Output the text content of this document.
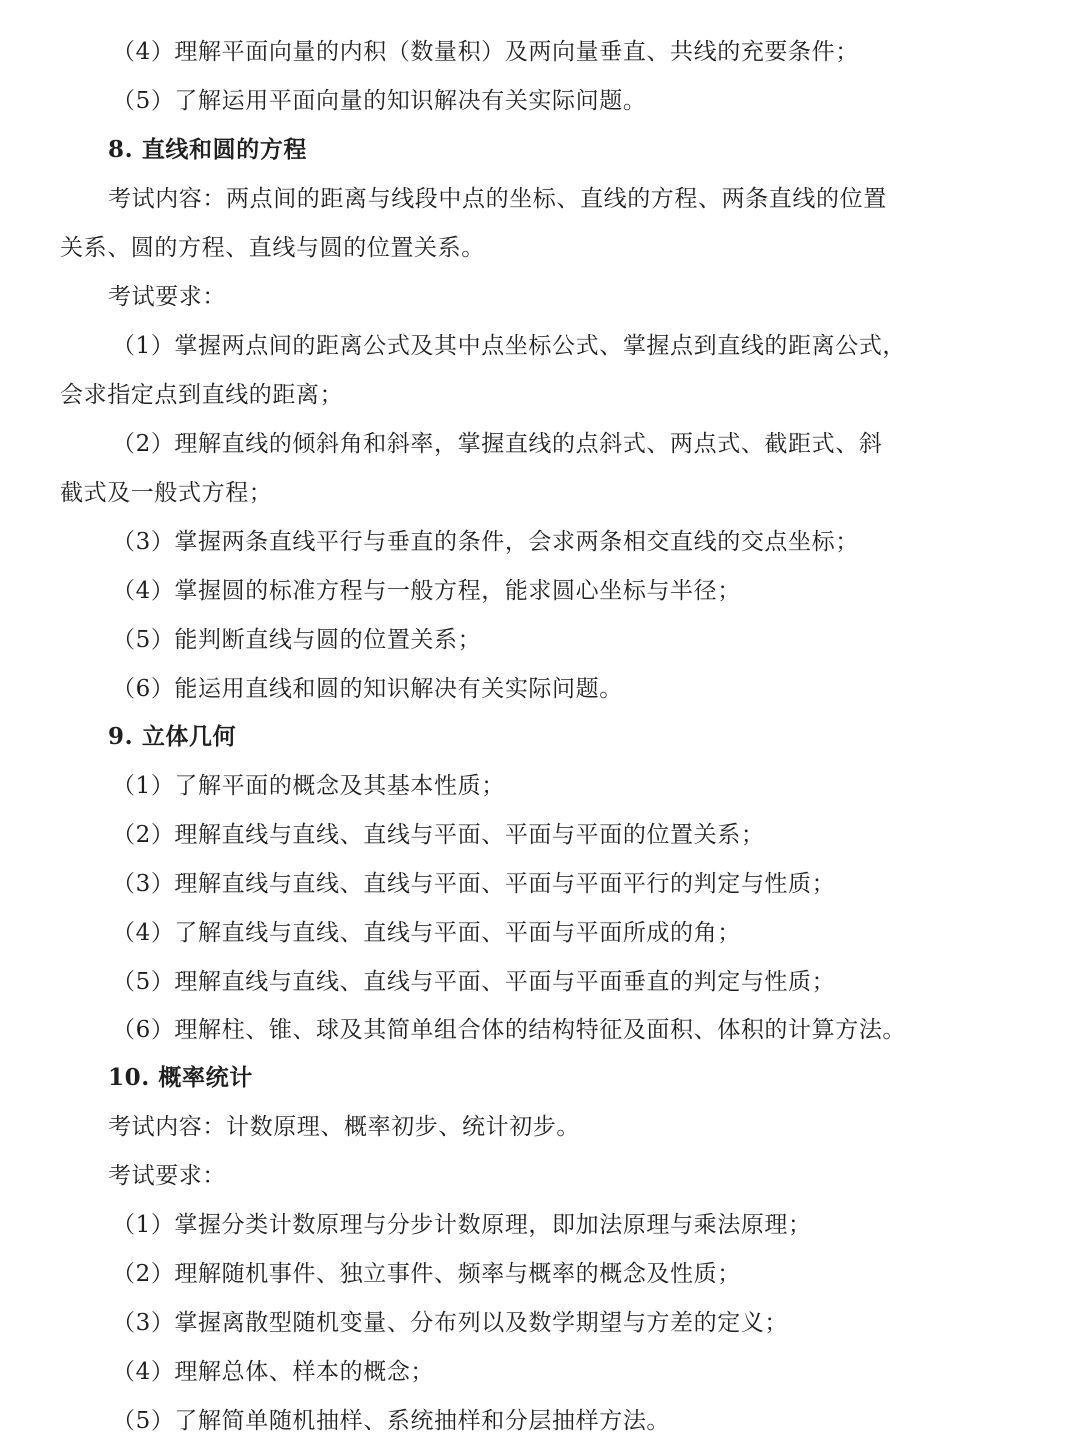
（4）理解平面向量的内积（数量积）及两向量垂直、共线的充要条件；
（5）了解运用平面向量的知识解决有关实际问题。
8. 直线和圆的方程
考试内容：两点间的距离与线段中点的坐标、直线的方程、两条直线的位置
关系、圆的方程、直线与圆的位置关系。
考试要求：
（1）掌握两点间的距离公式及其中点坐标公式、掌握点到直线的距离公式，
会求指定点到直线的距离；
（2）理解直线的倾斜角和斜率，掌握直线的点斜式、两点式、截距式、斜
截式及一般式方程；
（3）掌握两条直线平行与垂直的条件，会求两条相交直线的交点坐标；
（4）掌握圆的标准方程与一般方程，能求圆心坐标与半径；
（5）能判断直线与圆的位置关系；
（6）能运用直线和圆的知识解决有关实际问题。
9. 立体几何
（1）了解平面的概念及其基本性质；
（2）理解直线与直线、直线与平面、平面与平面的位置关系；
（3）理解直线与直线、直线与平面、平面与平面平行的判定与性质；
（4）了解直线与直线、直线与平面、平面与平面所成的角；
（5）理解直线与直线、直线与平面、平面与平面垂直的判定与性质；
（6）理解柱、锥、球及其简单组合体的结构特征及面积、体积的计算方法。
10. 概率统计
考试内容：计数原理、概率初步、统计初步。
考试要求：
（1）掌握分类计数原理与分步计数原理，即加法原理与乘法原理；
（2）理解随机事件、独立事件、频率与概率的概念及性质；
（3）掌握离散型随机变量、分布列以及数学期望与方差的定义；
（4）理解总体、样本的概念；
（5）了解简单随机抽样、系统抽样和分层抽样方法。
